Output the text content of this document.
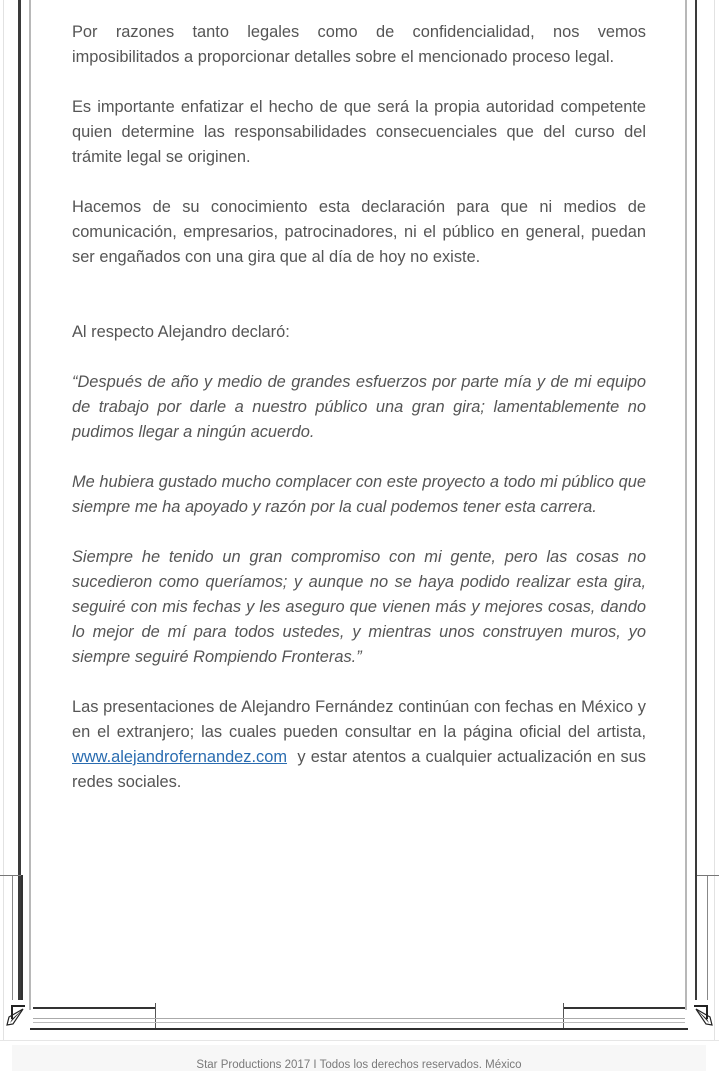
Por razones tanto legales como de confidencialidad, nos vemos imposibilitados a proporcionar detalles sobre el mencionado proceso legal.

Es importante enfatizar el hecho de que será la propia autoridad competente quien determine las responsabilidades consecuenciales que del curso del trámite legal se originen.

Hacemos de su conocimiento esta declaración para que ni medios de comunicación, empresarios, patrocinadores, ni el público en general, puedan ser engañados con una gira que al día de hoy no existe.

Al respecto Alejandro declaró:

“Después de año y medio de grandes esfuerzos por parte mía y de mi equipo de trabajo por darle a nuestro público una gran gira; lamentablemente no pudimos llegar a ningún acuerdo.

Me hubiera gustado mucho complacer con este proyecto a todo mi público que siempre me ha apoyado y razón por la cual podemos tener esta carrera.

Siempre he tenido un gran compromiso con mi gente, pero las cosas no sucedieron como queríamos; y aunque no se haya podido realizar esta gira, seguiré con mis fechas y les aseguro que vienen más y mejores cosas, dando lo mejor de mí para todos ustedes, y mientras unos construyen muros, yo siempre seguiré Rompiendo Fronteras.”

Las presentaciones de Alejandro Fernández continúan con fechas en México y en el extranjero; las cuales pueden consultar en la página oficial del artista, www.alejandrofernandez.com  y estar atentos a cualquier actualización en sus redes sociales.

Star Productions 2017 I Todos los derechos reservados. México
